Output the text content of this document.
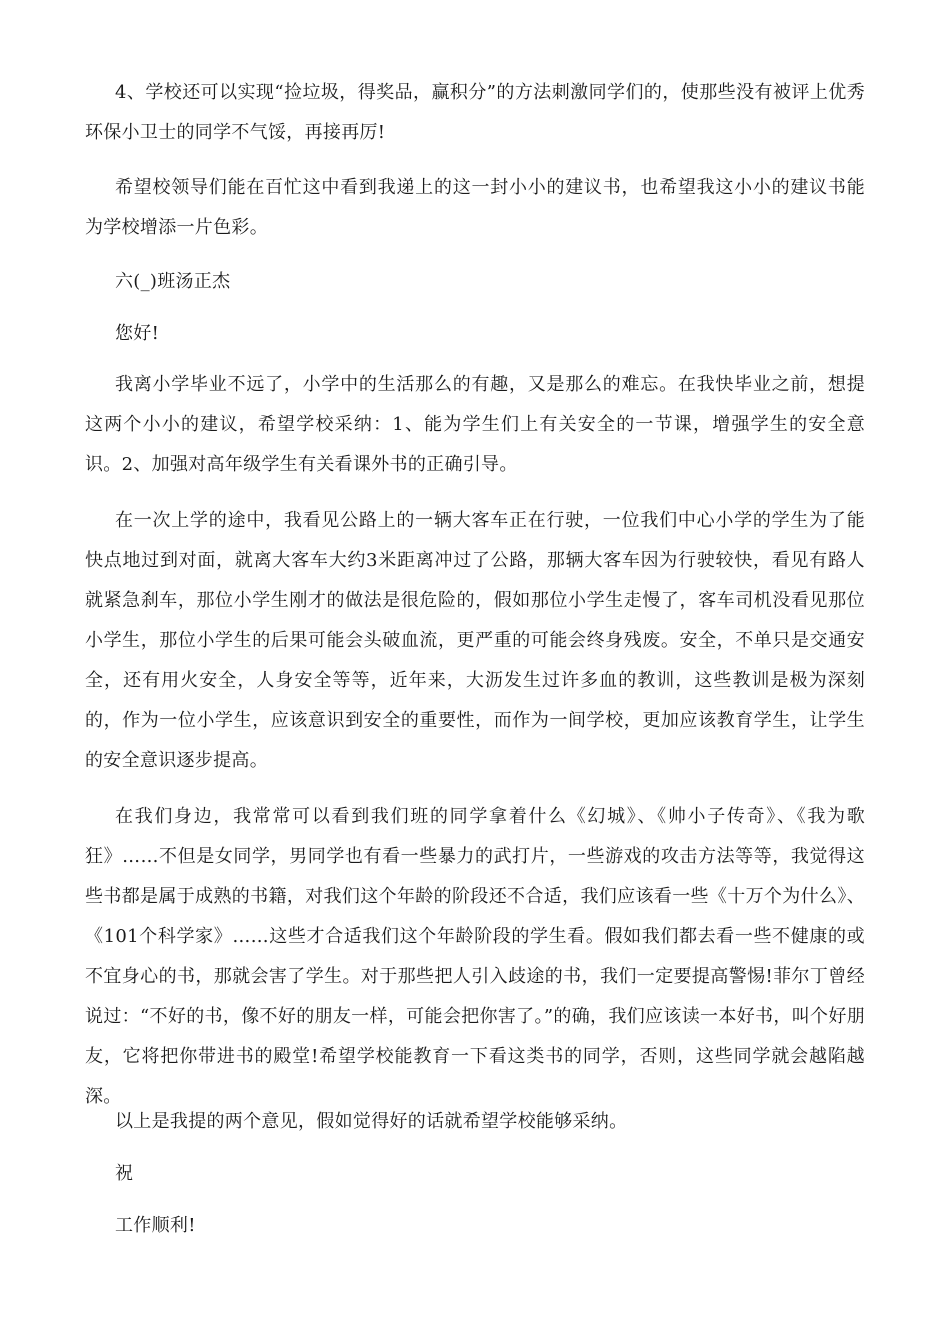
4、学校还可以实现“捡垃圾，得奖品，赢积分”的方法刺激同学们的，使那些没有被评上优秀环保小卫士的同学不气馁，再接再厉!

希望校领导们能在百忙这中看到我递上的这一封小小的建议书，也希望我这小小的建议书能为学校增添一片色彩。

六(_)班汤正杰

您好!

我离小学毕业不远了，小学中的生活那么的有趣，又是那么的难忘。在我快毕业之前，想提这两个小小的建议，希望学校采纳：1、能为学生们上有关安全的一节课，增强学生的安全意识。2、加强对高年级学生有关看课外书的正确引导。

在一次上学的途中，我看见公路上的一辆大客车正在行驶，一位我们中心小学的学生为了能快点地过到对面，就离大客车大约3米距离冲过了公路，那辆大客车因为行驶较快，看见有路人就紧急刹车，那位小学生刚才的做法是很危险的，假如那位小学生走慢了，客车司机没看见那位小学生，那位小学生的后果可能会头破血流，更严重的可能会终身残废。安全，不单只是交通安全，还有用火安全，人身安全等等，近年来，大沥发生过许多血的教训，这些教训是极为深刻的，作为一位小学生，应该意识到安全的重要性，而作为一间学校，更加应该教育学生，让学生的安全意识逐步提高。

在我们身边，我常常可以看到我们班的同学拿着什么《幻城》、《帅小子传奇》、《我为歌狂》……不但是女同学，男同学也有看一些暴力的武打片，一些游戏的攻击方法等等，我觉得这些书都是属于成熟的书籍，对我们这个年龄的阶段还不合适，我们应该看一些《十万个为什么》、《101个科学家》……这些才合适我们这个年龄阶段的学生看。假如我们都去看一些不健康的或不宜身心的书，那就会害了学生。对于那些把人引入歧途的书，我们一定要提高警惕!菲尔丁曾经说过：“不好的书，像不好的朋友一样，可能会把你害了。”的确，我们应该读一本好书，叫个好朋友，它将把你带进书的殿堂!希望学校能教育一下看这类书的同学，否则，这些同学就会越陷越深。

以上是我提的两个意见，假如觉得好的话就希望学校能够采纳。

祝

工作顺利!
